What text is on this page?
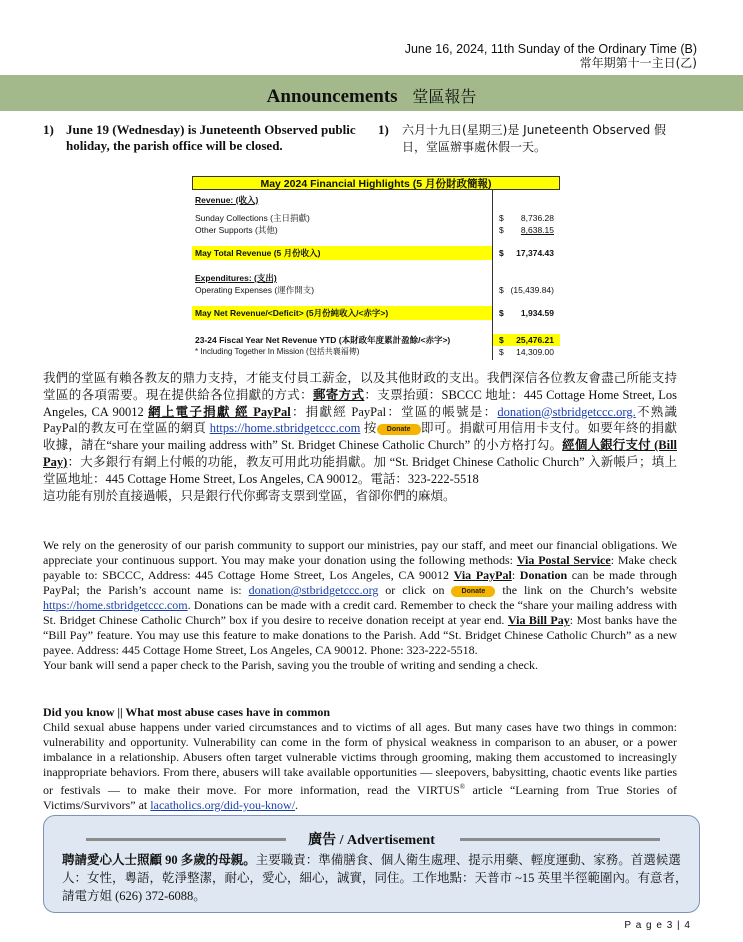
June 16, 2024, 11th Sunday of the Ordinary Time (B)
常年期第十一主日(乙)
Announcements 堂區報告
1) June 19 (Wednesday) is Juneteenth Observed public holiday, the parish office will be closed.
1) 六月十九日(星期三)是 Juneteenth Observed 假日，堂區辦事處休假一天。
May 2024 Financial Highlights (5 月份財政簡報)
Revenue: (收入)
Sunday Collections (主日捐獻)	$ 8,736.28
Other Supports (其他)	$ 8,638.15
May Total Revenue (5 月份收入)	$ 17,374.43
Expenditures: (支出)
Operating Expenses (運作開支)	$ (15,439.84)
May Net Revenue/<Deficit> (5月份純收入/<赤字>)	$ 1,934.59
23-24 Fiscal Year Net Revenue YTD (本財政年度累計盈餘/<赤字>)	$ 25,476.21
* Including Together In Mission (包括共襄福傳)	$ 14,309.00
我們的堂區有賴各教友的鼎力支持，才能支付員工薪金，以及其他財政的支出。我們深信各位教友會盡己所能支持堂區的各項需要。現在提供給各位捐獻的方式：郵寄方式：支票抬頭：SBCCC 地址：445 Cottage Home Street, Los Angeles, CA 90012 網上電子捐獻 經 PayPal：捐獻經 PayPal：堂區的帳號是：donation@stbridgetccc.org.不熟識 PayPal的教友可在堂區的網頁 https://home.stbridgetccc.com 按 Donate 即可。捐獻可用信用卡支付。如要年終的捐獻收據，請在“share your mailing address with” St. Bridget Chinese Catholic Church” 的小方格打勾。經個人銀行支付 (Bill Pay)：大多銀行有網上付帳的功能，教友可用此功能捐獻。加 “St. Bridget Chinese Catholic Church” 入新帳戶；填上堂區地址：445 Cottage Home Street, Los Angeles, CA 90012。電話：323-222-5518
這功能有別於直接過帳，只是銀行代你郵寄支票到堂區，省卻你們的麻煩。
We rely on the generosity of our parish community to support our ministries, pay our staff, and meet our financial obligations. We appreciate your continuous support. You may make your donation using the following methods: Via Postal Service: Make check payable to: SBCCC, Address: 445 Cottage Home Street, Los Angeles, CA 90012 Via PayPal: Donation can be made through PayPal; the Parish’s account name is: donation@stbridgetccc.org or click on Donate the link on the Church’s website https://home.stbridgetccc.com. Donations can be made with a credit card. Remember to check the “share your mailing address with St. Bridget Chinese Catholic Church” box if you desire to receive donation receipt at year end. Via Bill Pay: Most banks have the “Bill Pay” feature. You may use this feature to make donations to the Parish. Add “St. Bridget Chinese Catholic Church” as a new payee. Address: 445 Cottage Home Street, Los Angeles, CA 90012. Phone: 323-222-5518.
Your bank will send a paper check to the Parish, saving you the trouble of writing and sending a check.
Did you know || What most abuse cases have in common
Child sexual abuse happens under varied circumstances and to victims of all ages. But many cases have two things in common: vulnerability and opportunity. Vulnerability can come in the form of physical weakness in comparison to an abuser, or a power imbalance in a relationship. Abusers often target vulnerable victims through grooming, making them accustomed to increasingly inappropriate behaviors. From there, abusers will take available opportunities — sleepovers, babysitting, chaotic events like parties or festivals — to make their move. For more information, read the VIRTUS® article “Learning from True Stories of Victims/Survivors” at lacatholics.org/did-you-know/.
廣告 / Advertisement
聘請愛心人士照顧 90 多歲的母親。主要職責：準備膳食、個人衛生處理、提示用藥、輕度運動、家務。首選候選人：女性，粵語，乾淨整潔，耐心，愛心，細心，誠實，同住。工作地點：天普市 ~15 英里半徑範圍內。有意者，請電方姐 (626) 372-6088。
P a g e 3 | 4
